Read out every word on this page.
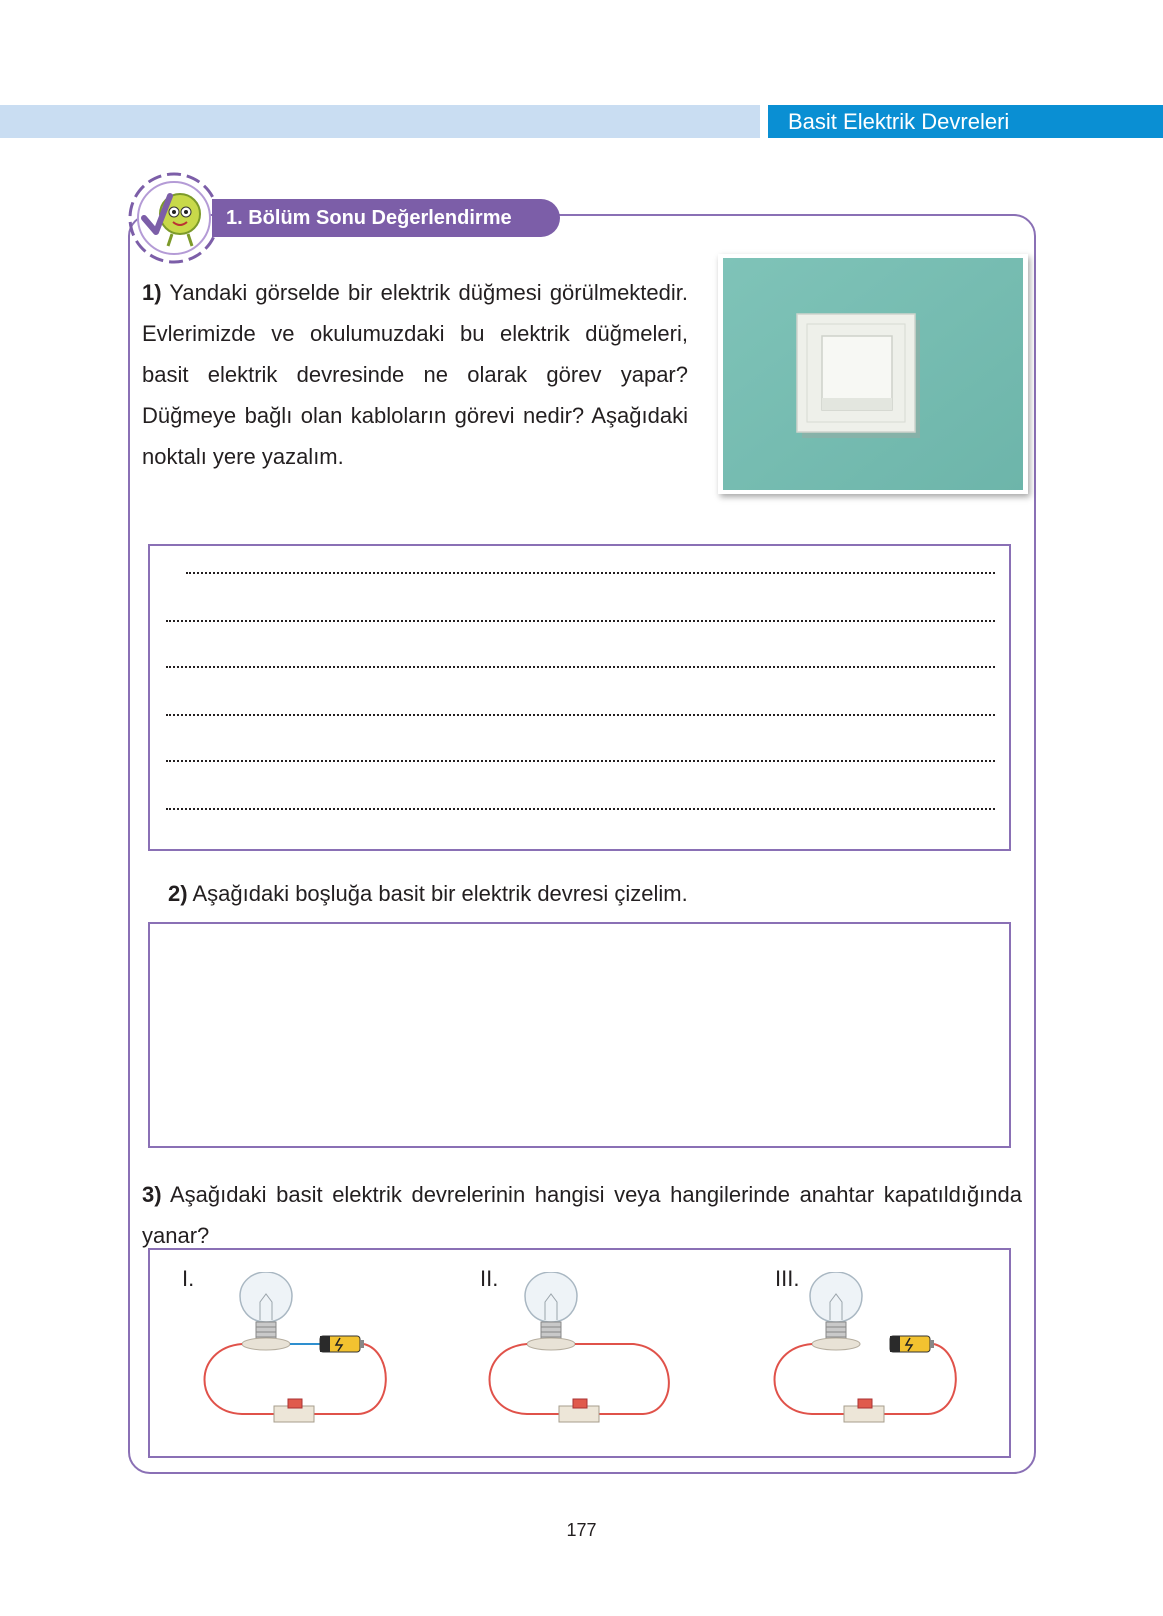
Basit Elektrik Devreleri
1. Bölüm Sonu Değerlendirme
1) Yandaki görselde bir elektrik düğmesi görülmektedir. Evlerimizde ve okulumuzdaki bu elektrik düğmeleri, basit elektrik devresinde ne olarak görev yapar? Düğmeye bağlı olan kabloların görevi nedir? Aşağıdaki noktalı yere yazalım.
2) Aşağıdaki boşluğa basit bir elektrik devresi çizelim.
3) Aşağıdaki basit elektrik devrelerinin hangisi veya hangilerinde anahtar kapatıldığında yanar?
I.	II.	III.
177
